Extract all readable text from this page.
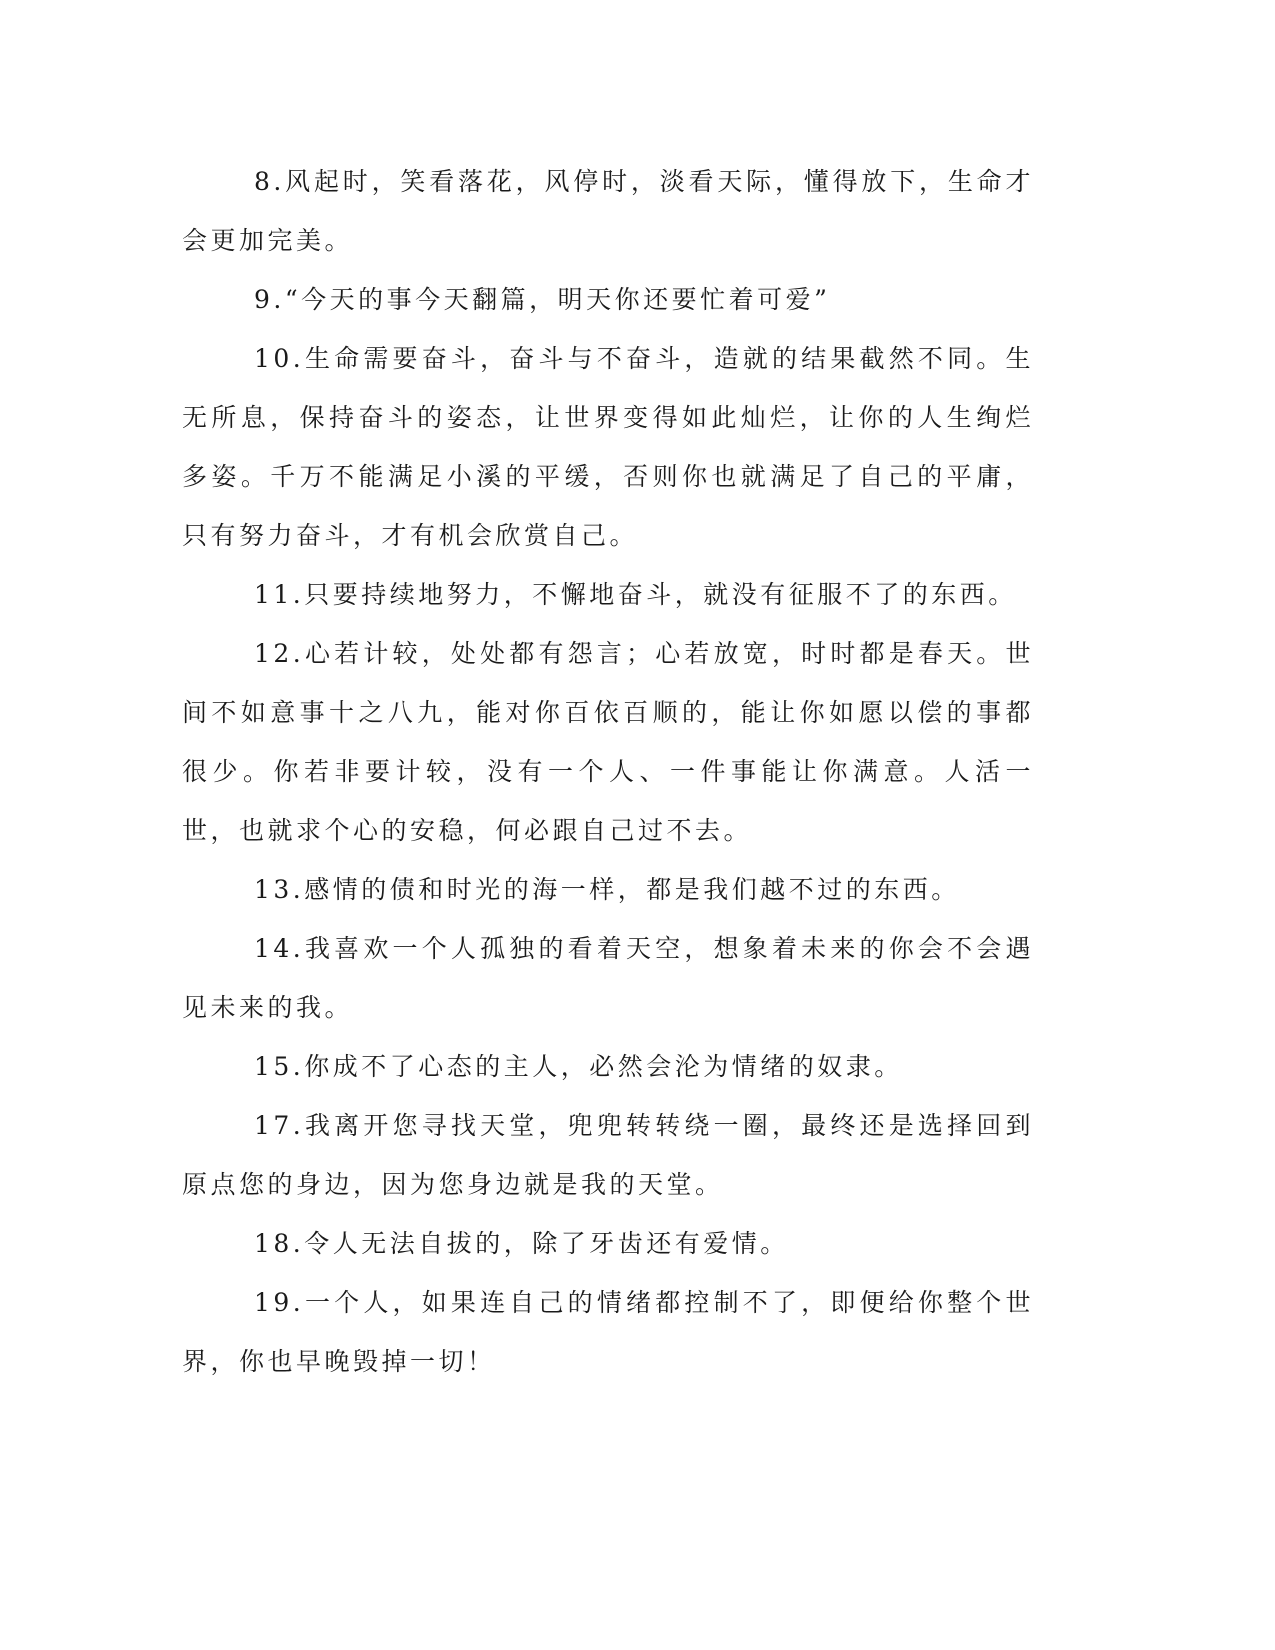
8.风起时，笑看落花，风停时，淡看天际，懂得放下，生命才会更加完美。

9.“今天的事今天翻篇，明天你还要忙着可爱”

10.生命需要奋斗，奋斗与不奋斗，造就的结果截然不同。生无所息，保持奋斗的姿态，让世界变得如此灿烂，让你的人生绚烂多姿。千万不能满足小溪的平缓，否则你也就满足了自己的平庸，只有努力奋斗，才有机会欣赏自己。

11.只要持续地努力，不懈地奋斗，就没有征服不了的东西。

12.心若计较，处处都有怨言；心若放宽，时时都是春天。世间不如意事十之八九，能对你百依百顺的，能让你如愿以偿的事都很少。你若非要计较，没有一个人、一件事能让你满意。人活一世，也就求个心的安稳，何必跟自己过不去。

13.感情的债和时光的海一样，都是我们越不过的东西。

14.我喜欢一个人孤独的看着天空，想象着未来的你会不会遇见未来的我。

15.你成不了心态的主人，必然会沦为情绪的奴隶。

17.我离开您寻找天堂，兜兜转转绕一圈，最终还是选择回到原点您的身边，因为您身边就是我的天堂。

18.令人无法自拔的，除了牙齿还有爱情。

19.一个人，如果连自己的情绪都控制不了，即便给你整个世界，你也早晚毁掉一切！
